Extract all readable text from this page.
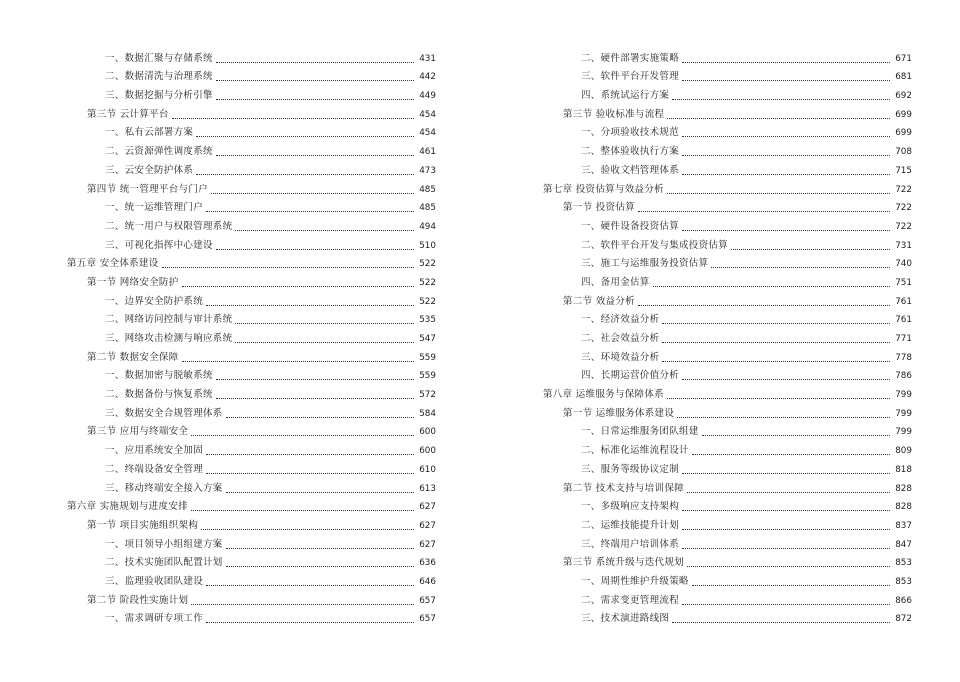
一、数据汇聚与存储系统	431
二、数据清洗与治理系统	442
三、数据挖掘与分析引擎	449
第三节 云计算平台	454
一、私有云部署方案	454
二、云资源弹性调度系统	461
三、云安全防护体系	473
第四节 统一管理平台与门户	485
一、统一运维管理门户	485
二、统一用户与权限管理系统	494
三、可视化指挥中心建设	510
第五章 安全体系建设	522
第一节 网络安全防护	522
一、边界安全防护系统	522
二、网络访问控制与审计系统	535
三、网络攻击检测与响应系统	547
第二节 数据安全保障	559
一、数据加密与脱敏系统	559
二、数据备份与恢复系统	572
三、数据安全合规管理体系	584
第三节 应用与终端安全	600
一、应用系统安全加固	600
二、终端设备安全管理	610
三、移动终端安全接入方案	613
第六章 实施规划与进度安排	627
第一节 项目实施组织架构	627
一、项目领导小组组建方案	627
二、技术实施团队配置计划	636
三、监理验收团队建设	646
第二节 阶段性实施计划	657
一、需求调研专项工作	657
二、硬件部署实施策略	671
三、软件平台开发管理	681
四、系统试运行方案	692
第三节 验收标准与流程	699
一、分项验收技术规范	699
二、整体验收执行方案	708
三、验收文档管理体系	715
第七章 投资估算与效益分析	722
第一节 投资估算	722
一、硬件设备投资估算	722
二、软件平台开发与集成投资估算	731
三、施工与运维服务投资估算	740
四、备用金估算	751
第二节 效益分析	761
一、经济效益分析	761
二、社会效益分析	771
三、环境效益分析	778
四、长期运营价值分析	786
第八章 运维服务与保障体系	799
第一节 运维服务体系建设	799
一、日常运维服务团队组建	799
二、标准化运维流程设计	809
三、服务等级协议定制	818
第二节 技术支持与培训保障	828
一、多级响应支持架构	828
二、运维技能提升计划	837
三、终端用户培训体系	847
第三节 系统升级与迭代规划	853
一、周期性维护升级策略	853
二、需求变更管理流程	866
三、技术演进路线图	872
